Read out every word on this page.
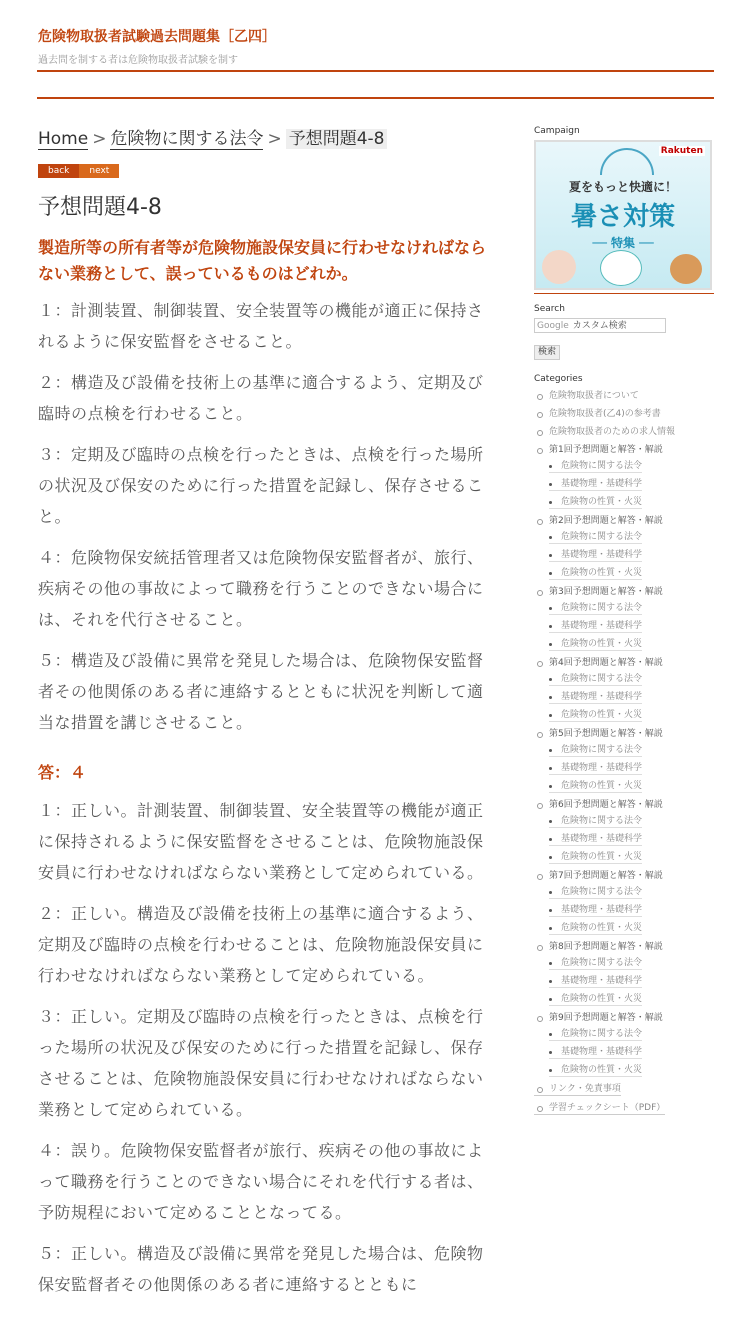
危険物取扱者試験過去問題集［乙四］
過去問を制する者は危険物取扱者試験を制す
Home > 危険物に関する法令 > 予想問題4-8
back next
予想問題4-8
製造所等の所有者等が危険物施設保安員に行わせなければならない業務として、誤っているものはどれか。

１：計測装置、制御装置、安全装置等の機能が適正に保持されるように保安監督をさせること。

２：構造及び設備を技術上の基準に適合するよう、定期及び臨時の点検を行わせること。

３：定期及び臨時の点検を行ったときは、点検を行った場所の状況及び保安のために行った措置を記録し、保存させること。

４：危険物保安統括管理者又は危険物保安監督者が、旅行、疾病その他の事故によって職務を行うことのできない場合には、それを代行させること。

５：構造及び設備に異常を発見した場合は、危険物保安監督者その他関係のある者に連絡するとともに状況を判断して適当な措置を講じさせること。

答：４

１：正しい。計測装置、制御装置、安全装置等の機能が適正に保持されるように保安監督をさせることは、危険物施設保安員に行わせなければならない業務として定められている。

２：正しい。構造及び設備を技術上の基準に適合するよう、定期及び臨時の点検を行わせることは、危険物施設保安員に行わせなければならない業務として定められている。

３：正しい。定期及び臨時の点検を行ったときは、点検を行った場所の状況及び保安のために行った措置を記録し、保存させることは、危険物施設保安員に行わせなければならない業務として定められている。

４：誤り。危険物保安監督者が旅行、疾病その他の事故によって職務を行うことのできない場合にそれを代行する者は、予防規程において定めることとなってる。

５：正しい。構造及び設備に異常を発見した場合は、危険物保安監督者その他関係のある者に連絡するとともに

Campaign
Rakuten
夏をもっと快適に！
暑さ対策
── 特集 ──
Search
Google カスタム検索
検索
Categories
危険物取扱者について
危険物取扱者(乙4)の参考書
危険物取扱者のための求人情報
第1回予想問題と解答・解説
危険物に関する法令
基礎物理・基礎科学
危険物の性質・火災
第2回予想問題と解答・解説
危険物に関する法令
基礎物理・基礎科学
危険物の性質・火災
第3回予想問題と解答・解説
危険物に関する法令
基礎物理・基礎科学
危険物の性質・火災
第4回予想問題と解答・解説
危険物に関する法令
基礎物理・基礎科学
危険物の性質・火災
第5回予想問題と解答・解説
危険物に関する法令
基礎物理・基礎科学
危険物の性質・火災
第6回予想問題と解答・解説
危険物に関する法令
基礎物理・基礎科学
危険物の性質・火災
第7回予想問題と解答・解説
危険物に関する法令
基礎物理・基礎科学
危険物の性質・火災
第8回予想問題と解答・解説
危険物に関する法令
基礎物理・基礎科学
危険物の性質・火災
第9回予想問題と解答・解説
危険物に関する法令
基礎物理・基礎科学
危険物の性質・火災
リンク・免責事項
学習チェックシート（PDF）
